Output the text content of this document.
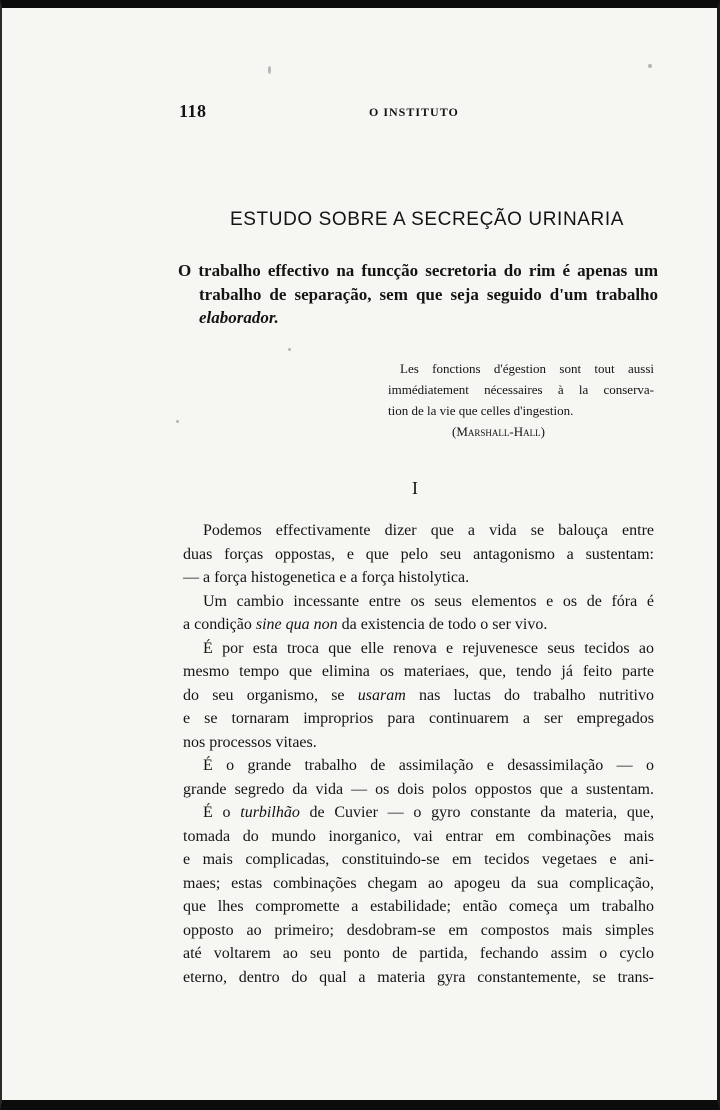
118	O INSTITUTO
ESTUDO SOBRE A SECREÇÃO URINARIA
O trabalho effectivo na funcção secretoria do rim é apenas um
trabalho de separação, sem que seja seguido d'um trabalho
elaborador.
Les fonctions d'égestion sont tout aussi
immédiatement nécessaires à la conserva-
tion de la vie que celles d'ingestion.
(Marshall-Hall)
I
Podemos effectivamente dizer que a vida se balouça entre
duas forças oppostas, e que pelo seu antagonismo a sustentam:
— a força histogenetica e a força histolytica.
Um cambio incessante entre os seus elementos e os de fóra é
a condição sine qua non da existencia de todo o ser vivo.
É por esta troca que elle renova e rejuvenesce seus tecidos ao
mesmo tempo que elimina os materiaes, que, tendo já feito parte
do seu organismo, se usaram nas luctas do trabalho nutritivo
e se tornaram improprios para continuarem a ser empregados
nos processos vitaes.
É o grande trabalho de assimilação e desassimilação — o
grande segredo da vida — os dois polos oppostos que a sustentam.
É o turbilhão de Cuvier — o gyro constante da materia, que,
tomada do mundo inorganico, vai entrar em combinações mais
e mais complicadas, constituindo-se em tecidos vegetaes e ani-
maes; estas combinações chegam ao apogeu da sua complicação,
que lhes compromette a estabilidade; então começa um trabalho
opposto ao primeiro; desdobram-se em compostos mais simples
até voltarem ao seu ponto de partida, fechando assim o cyclo
eterno, dentro do qual a materia gyra constantemente, se trans-
